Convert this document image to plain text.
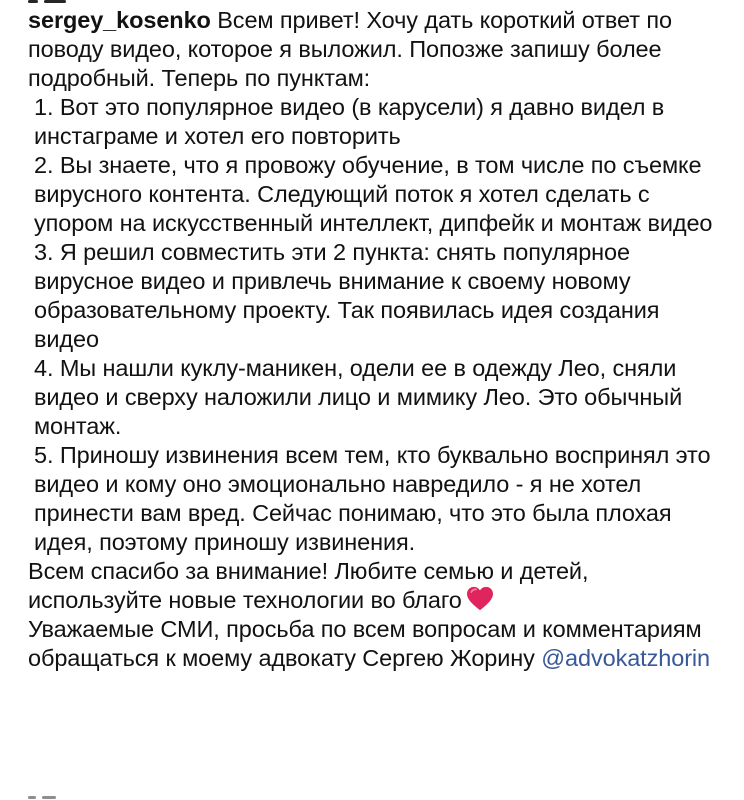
sergey_kosenko Всем привет! Хочу дать короткий ответ по поводу видео, которое я выложил. Попозже запишу более подробный. Теперь по пунктам:

1. Вот это популярное видео (в карусели) я давно видел в инстаграме и хотел его повторить

2. Вы знаете, что я провожу обучение, в том числе по съемке вирусного контента. Следующий поток я хотел сделать с упором на искусственный интеллект, дипфейк и монтаж видео

3. Я решил совместить эти 2 пункта: снять популярное вирусное видео и привлечь внимание к своему новому образовательному проекту. Так появилась идея создания видео

4. Мы нашли куклу-маникен, одели ее в одежду Лео, сняли видео и сверху наложили лицо и мимику Лео. Это обычный монтаж.

5. Приношу извинения всем тем, кто буквально воспринял это видео и кому оно эмоционально навредило - я не хотел принести вам вред. Сейчас понимаю, что это была плохая идея, поэтому приношу извинения.

Всем спасибо за внимание! Любите семью и детей, используйте новые технологии во благо

Уважаемые СМИ, просьба по всем вопросам и комментариям обращаться к моему адвокату Сергею Жорину @advokatzhorin
